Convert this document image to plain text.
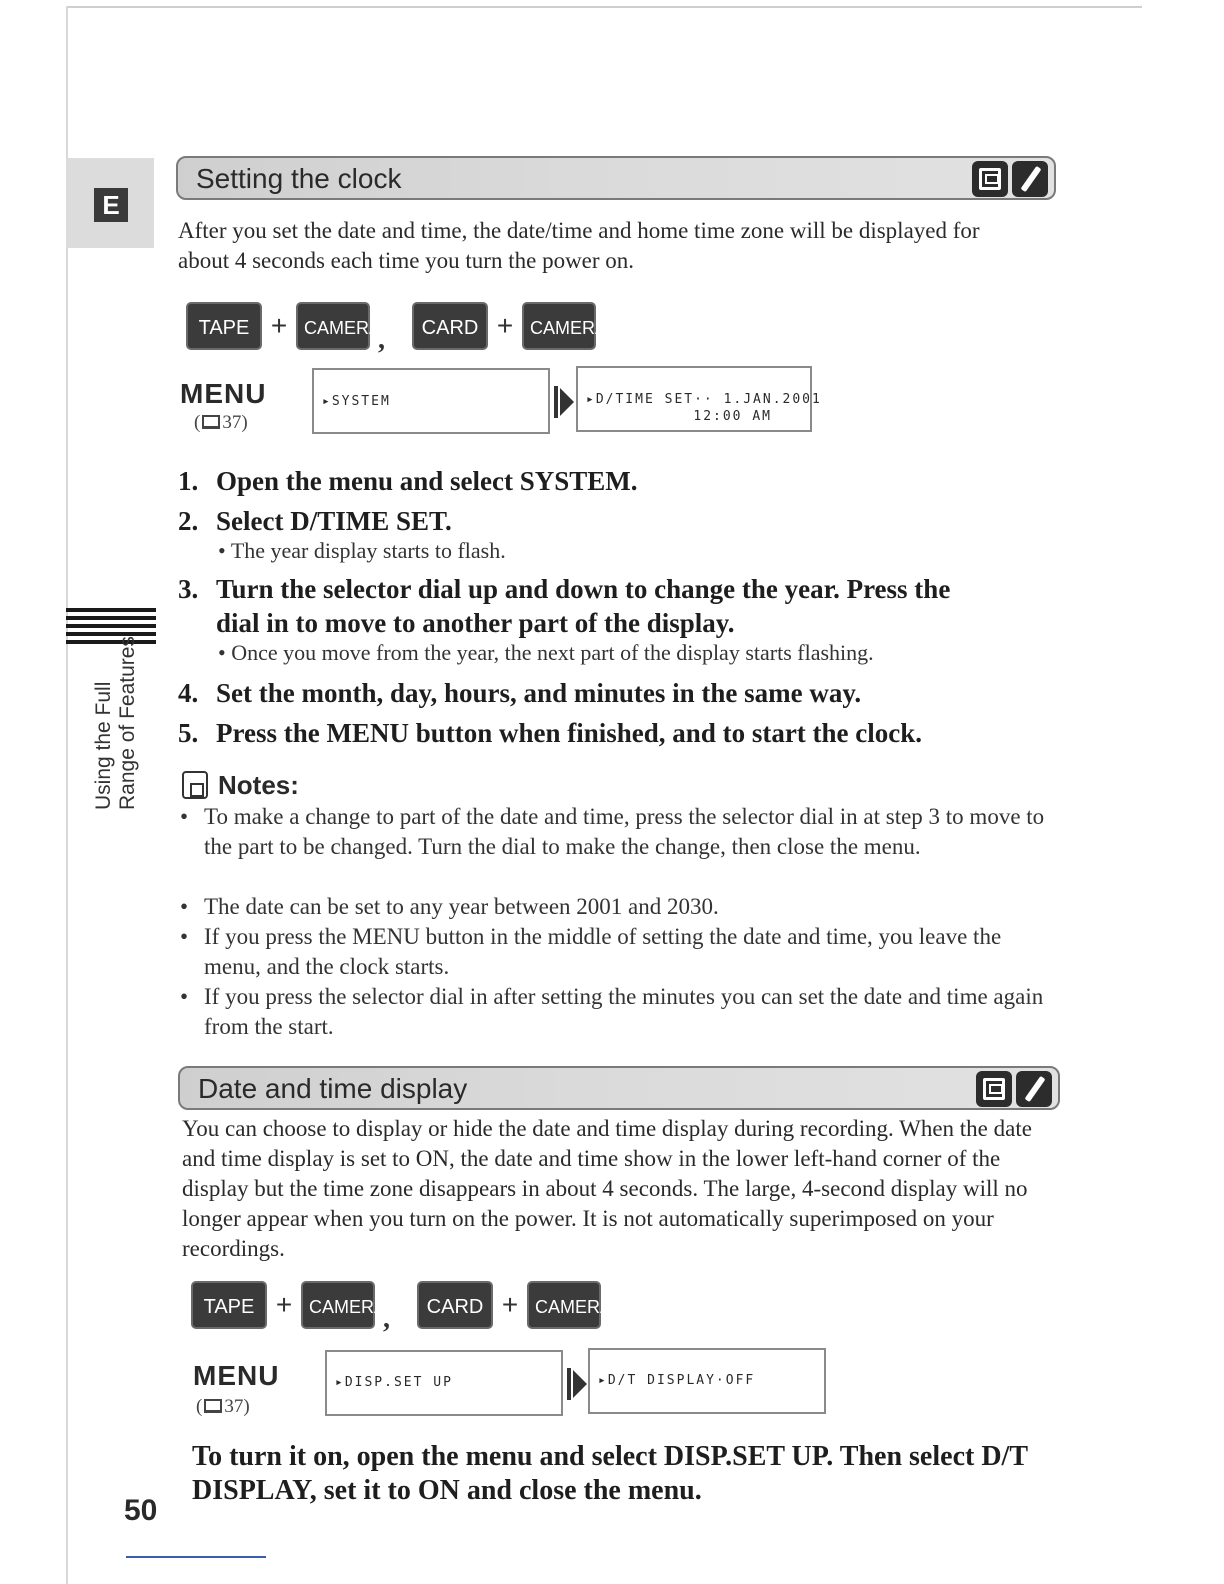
E
Using the Full Range of Features
Setting the clock
After you set the date and time, the date/time and home time zone will be displayed for about 4 seconds each time you turn the power on.
TAPE + CAMERA
,	CARD + CAMERA
MENU
( 37)
▸SYSTEM	▸D/TIME SET·· 1.JAN.2001
12:00 AM
1. Open the menu and select SYSTEM.
2. Select D/TIME SET.
• The year display starts to flash.
3. Turn the selector dial up and down to change the year. Press the
dial in to move to another part of the display.
• Once you move from the year, the next part of the display starts flashing.
4. Set the month, day, hours, and minutes in the same way.
5. Press the MENU button when finished, and to start the clock.
Notes:
• To make a change to part of the date and time, press the selector dial in at step 3 to move to the part to be changed. Turn the dial to make the change, then close the menu.
• The date can be set to any year between 2001 and 2030.
• If you press the MENU button in the middle of setting the date and time, you leave the menu, and the clock starts.
• If you press the selector dial in after setting the minutes you can set the date and time again from the start.
Date and time display
You can choose to display or hide the date and time display during recording. When the date and time display is set to ON, the date and time show in the lower left-hand corner of the display but the time zone disappears in about 4 seconds. The large, 4-second display will no longer appear when you turn on the power. It is not automatically superimposed on your recordings.
TAPE + CAMERA
,	CARD + CAMERA
MENU
( 37)
▸DISP.SET UP	▸D/T DISPLAY·OFF
To turn it on, open the menu and select DISP.SET UP. Then select D/T DISPLAY, set it to ON and close the menu.
50
